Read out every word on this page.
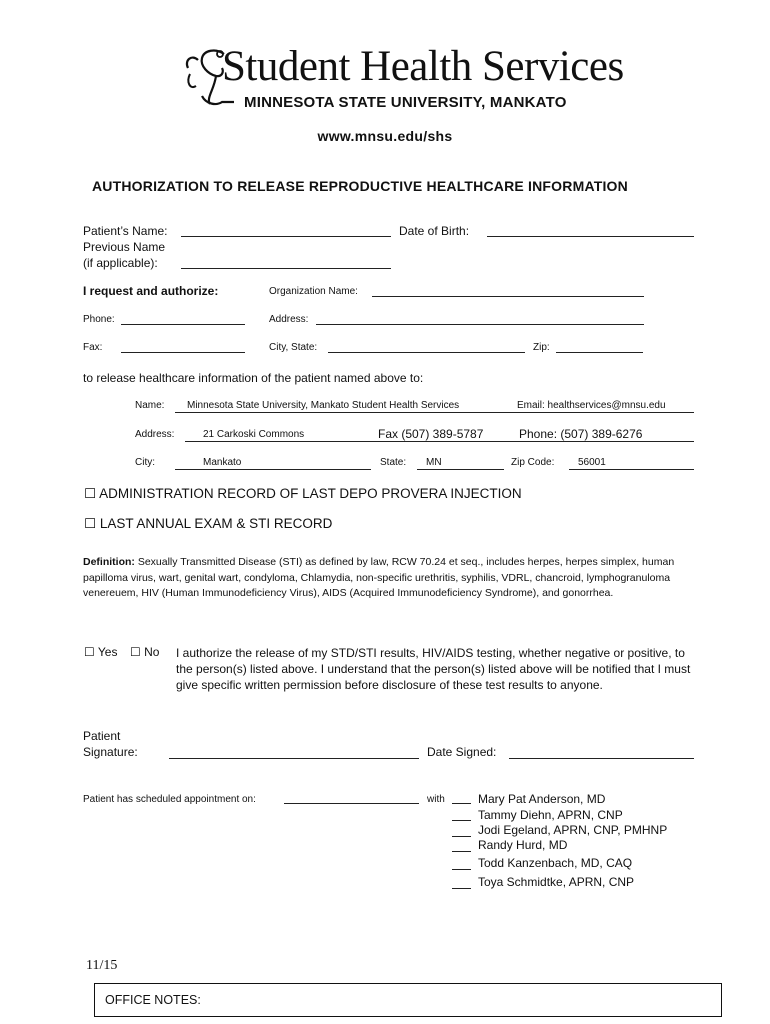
Student Health Services
MINNESOTA STATE UNIVERSITY, MANKATO
www.mnsu.edu/shs
AUTHORIZATION TO RELEASE REPRODUCTIVE HEALTHCARE INFORMATION
Patient’s Name:	Date of Birth:
Previous Name
(if applicable):
I request and authorize:	Organization Name:
Phone:	Address:
Fax:	City, State:	Zip:
to release healthcare information of the patient named above to:
Name: Minnesota State University, Mankato Student Health Services	Email: healthservices@mnsu.edu
Address:	21 Carkoski Commons	Fax (507) 389-5787	Phone: (507) 389-6276
City:	Mankato	State: MN	Zip Code: 56001
☐ ADMINISTRATION RECORD OF LAST DEPO PROVERA INJECTION
☐ LAST ANNUAL EXAM & STI RECORD
Definition: Sexually Transmitted Disease (STI) as defined by law, RCW 70.24 et seq., includes herpes, herpes simplex, human papilloma virus, wart, genital wart, condyloma, Chlamydia, non-specific urethritis, syphilis, VDRL, chancroid, lymphogranuloma venereuem, HIV (Human Immunodeficiency Virus), AIDS (Acquired Immunodeficiency Syndrome), and gonorrhea.
☐ Yes ☐ No I authorize the release of my STD/STI results, HIV/AIDS testing, whether negative or positive, to the person(s) listed above. I understand that the person(s) listed above will be notified that I must give specific written permission before disclosure of these test results to anyone.
Patient
Signature:	Date Signed:
Patient has scheduled appointment on:	with	Mary Pat Anderson, MD
Tammy Diehn, APRN, CNP
Jodi Egeland, APRN, CNP, PMHNP
Randy Hurd, MD
Todd Kanzenbach, MD, CAQ
Toya Schmidtke, APRN, CNP
11/15
OFFICE NOTES:
